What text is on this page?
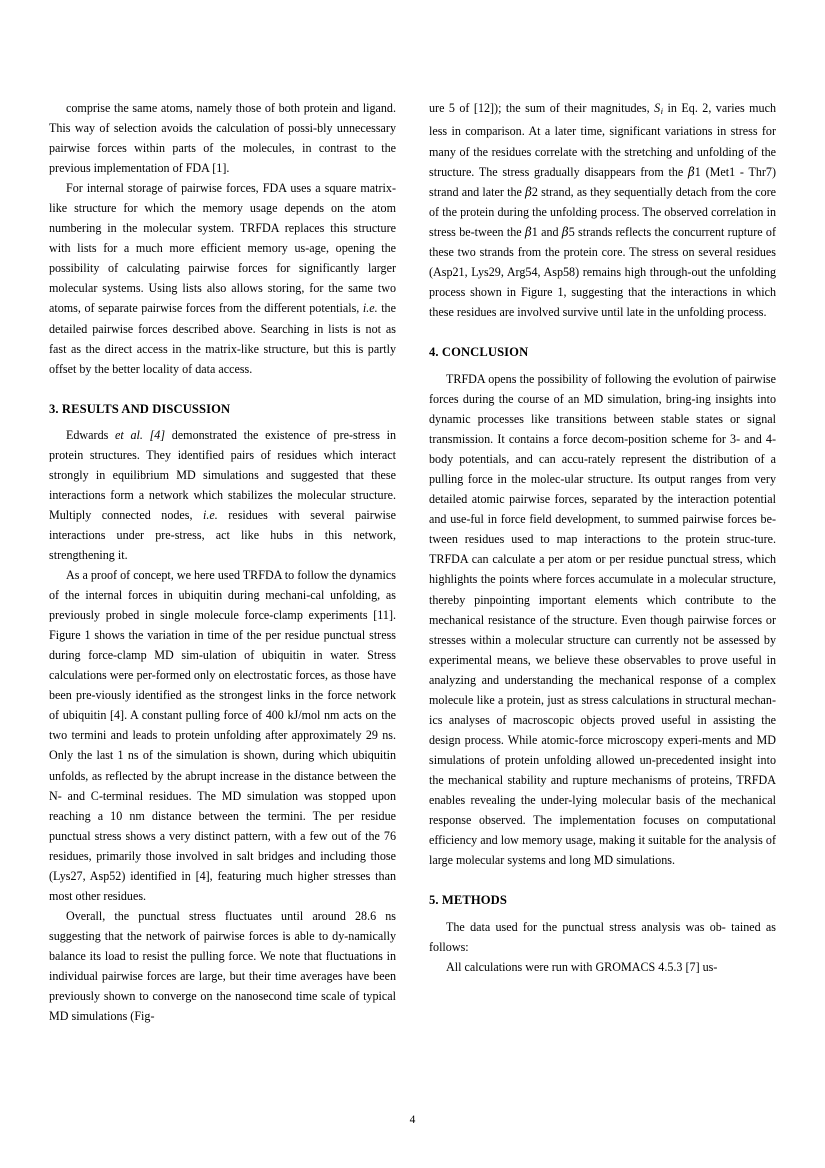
comprise the same atoms, namely those of both protein and ligand. This way of selection avoids the calculation of possi-bly unnecessary pairwise forces within parts of the molecules, in contrast to the previous implementation of FDA [1].

For internal storage of pairwise forces, FDA uses a square matrix-like structure for which the memory usage depends on the atom numbering in the molecular system. TRFDA replaces this structure with lists for a much more efficient memory us-age, opening the possibility of calculating pairwise forces for significantly larger molecular systems. Using lists also allows storing, for the same two atoms, of separate pairwise forces from the different potentials, i.e. the detailed pairwise forces described above. Searching in lists is not as fast as the direct access in the matrix-like structure, but this is partly offset by the better locality of data access.

3. RESULTS AND DISCUSSION

Edwards et al. [4] demonstrated the existence of pre-stress in protein structures. They identified pairs of residues which interact strongly in equilibrium MD simulations and suggested that these interactions form a network which stabilizes the molecular structure. Multiply connected nodes, i.e. residues with several pairwise interactions under pre-stress, act like hubs in this network, strengthening it.

As a proof of concept, we here used TRFDA to follow the dynamics of the internal forces in ubiquitin during mechani-cal unfolding, as previously probed in single molecule force-clamp experiments [11]. Figure 1 shows the variation in time of the per residue punctual stress during force-clamp MD sim-ulation of ubiquitin in water. Stress calculations were per-formed only on electrostatic forces, as those have been pre-viously identified as the strongest links in the force network of ubiquitin [4]. A constant pulling force of 400 kJ/mol nm acts on the two termini and leads to protein unfolding after approximately 29 ns. Only the last 1 ns of the simulation is shown, during which ubiquitin unfolds, as reflected by the abrupt increase in the distance between the N- and C-terminal residues. The MD simulation was stopped upon reaching a 10 nm distance between the termini. The per residue punctual stress shows a very distinct pattern, with a few out of the 76 residues, primarily those involved in salt bridges and including those (Lys27, Asp52) identified in [4], featuring much higher stresses than most other residues.

Overall, the punctual stress fluctuates until around 28.6 ns suggesting that the network of pairwise forces is able to dy-namically balance its load to resist the pulling force. We note that fluctuations in individual pairwise forces are large, but their time averages have been previously shown to converge on the nanosecond time scale of typical MD simulations (Fig-

ure 5 of [12]); the sum of their magnitudes, $S_i$ in Eq. 2, varies much less in comparison. At a later time, significant variations in stress for many of the residues correlate with the stretching and unfolding of the structure. The stress gradually disappears from the β1 (Met1 - Thr7) strand and later the β2 strand, as they sequentially detach from the core of the protein during the unfolding process. The observed correlation in stress be-tween the β1 and β5 strands reflects the concurrent rupture of these two strands from the protein core. The stress on several residues (Asp21, Lys29, Arg54, Asp58) remains high through-out the unfolding process shown in Figure 1, suggesting that the interactions in which these residues are involved survive until late in the unfolding process.

4. CONCLUSION

TRFDA opens the possibility of following the evolution of pairwise forces during the course of an MD simulation, bring-ing insights into dynamic processes like transitions between stable states or signal transmission. It contains a force decom-position scheme for 3- and 4-body potentials, and can accu-rately represent the distribution of a pulling force in the molec-ular structure. Its output ranges from very detailed atomic pairwise forces, separated by the interaction potential and use-ful in force field development, to summed pairwise forces be-tween residues used to map interactions to the protein struc-ture. TRFDA can calculate a per atom or per residue punctual stress, which highlights the points where forces accumulate in a molecular structure, thereby pinpointing important elements which contribute to the mechanical resistance of the structure. Even though pairwise forces or stresses within a molecular structure can currently not be assessed by experimental means, we believe these observables to prove useful in analyzing and understanding the mechanical response of a complex molecule like a protein, just as stress calculations in structural mechan-ics analyses of macroscopic objects proved useful in assisting the design process. While atomic-force microscopy experi-ments and MD simulations of protein unfolding allowed un-precedented insight into the mechanical stability and rupture mechanisms of proteins, TRFDA enables revealing the under-lying molecular basis of the mechanical response observed. The implementation focuses on computational efficiency and low memory usage, making it suitable for the analysis of large molecular systems and long MD simulations.

5. METHODS

The data used for the punctual stress analysis was ob- tained as follows:

All calculations were run with GROMACS 4.5.3 [7] us-

4
